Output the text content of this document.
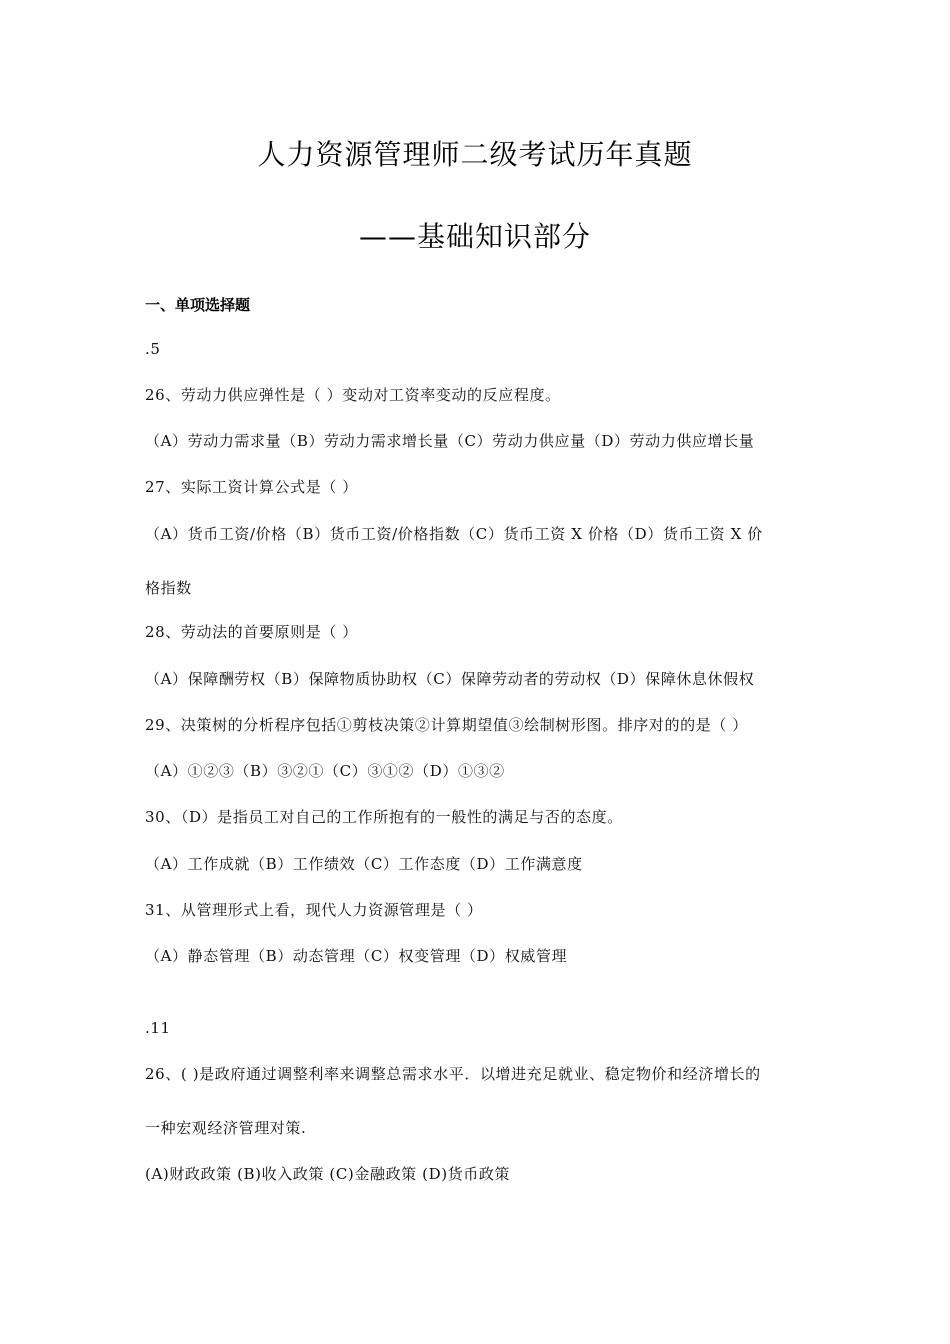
人力资源管理师二级考试历年真题
——基础知识部分
一、单项选择题
.5
26、劳动力供应弹性是（ ）变动对工资率变动的反应程度。
（A）劳动力需求量（B）劳动力需求增长量（C）劳动力供应量（D）劳动力供应增长量
27、实际工资计算公式是（ ）
（A）货币工资/价格（B）货币工资/价格指数（C）货币工资 X 价格（D）货币工资 X 价
格指数
28、劳动法的首要原则是（ ）
（A）保障酬劳权（B）保障物质协助权（C）保障劳动者的劳动权（D）保障休息休假权
29、决策树的分析程序包括①剪枝决策②计算期望值③绘制树形图。排序对的的是（ ）
（A）①②③（B）③②①（C）③①②（D）①③②
30、（D）是指员工对自己的工作所抱有的一般性的满足与否的态度。
（A）工作成就（B）工作绩效（C）工作态度（D）工作满意度
31、从管理形式上看，现代人力资源管理是（ ）
（A）静态管理（B）动态管理（C）权变管理（D）权威管理
.11
26、( )是政府通过调整利率来调整总需求水平．以增进充足就业、稳定物价和经济增长的
一种宏观经济管理对策.
(A)财政政策 (B)收入政策 (C)金融政策 (D)货币政策
